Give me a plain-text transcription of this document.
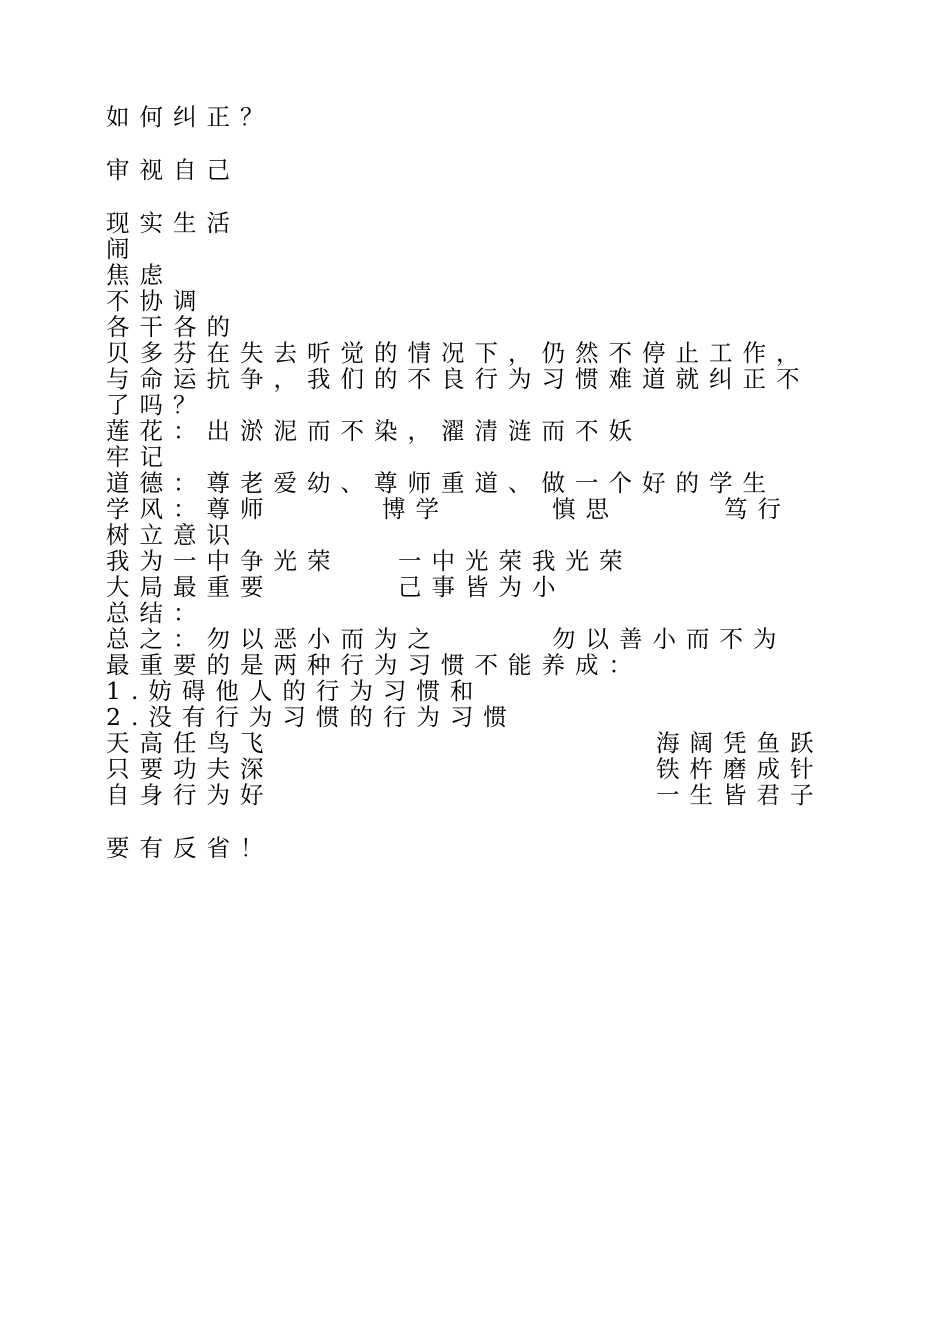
如何纠正？
审视自己
现实生活
闹
焦虑
不协调
各干各的
贝多芬在失去听觉的情况下，仍然不停止工作，
与命运抗争，我们的不良行为习惯难道就纠正不
了吗？
莲花：出淤泥而不染，濯清涟而不妖
牢记
道德：尊老爱幼、尊师重道、做一个好的学生
学风：尊师	博学	慎思	笃行
树立意识
我为一中争光荣 一中光荣我光荣
大局最重要	己事皆为小
总结：
总之：勿以恶小而为之	勿以善小而不为
最重要的是两种行为习惯不能养成：
1.妨碍他人的行为习惯和
2.没有行为习惯的行为习惯
天高任鸟飞	海阔凭鱼跃
只要功夫深	铁杵磨成针
自身行为好	一生皆君子
要有反省！
